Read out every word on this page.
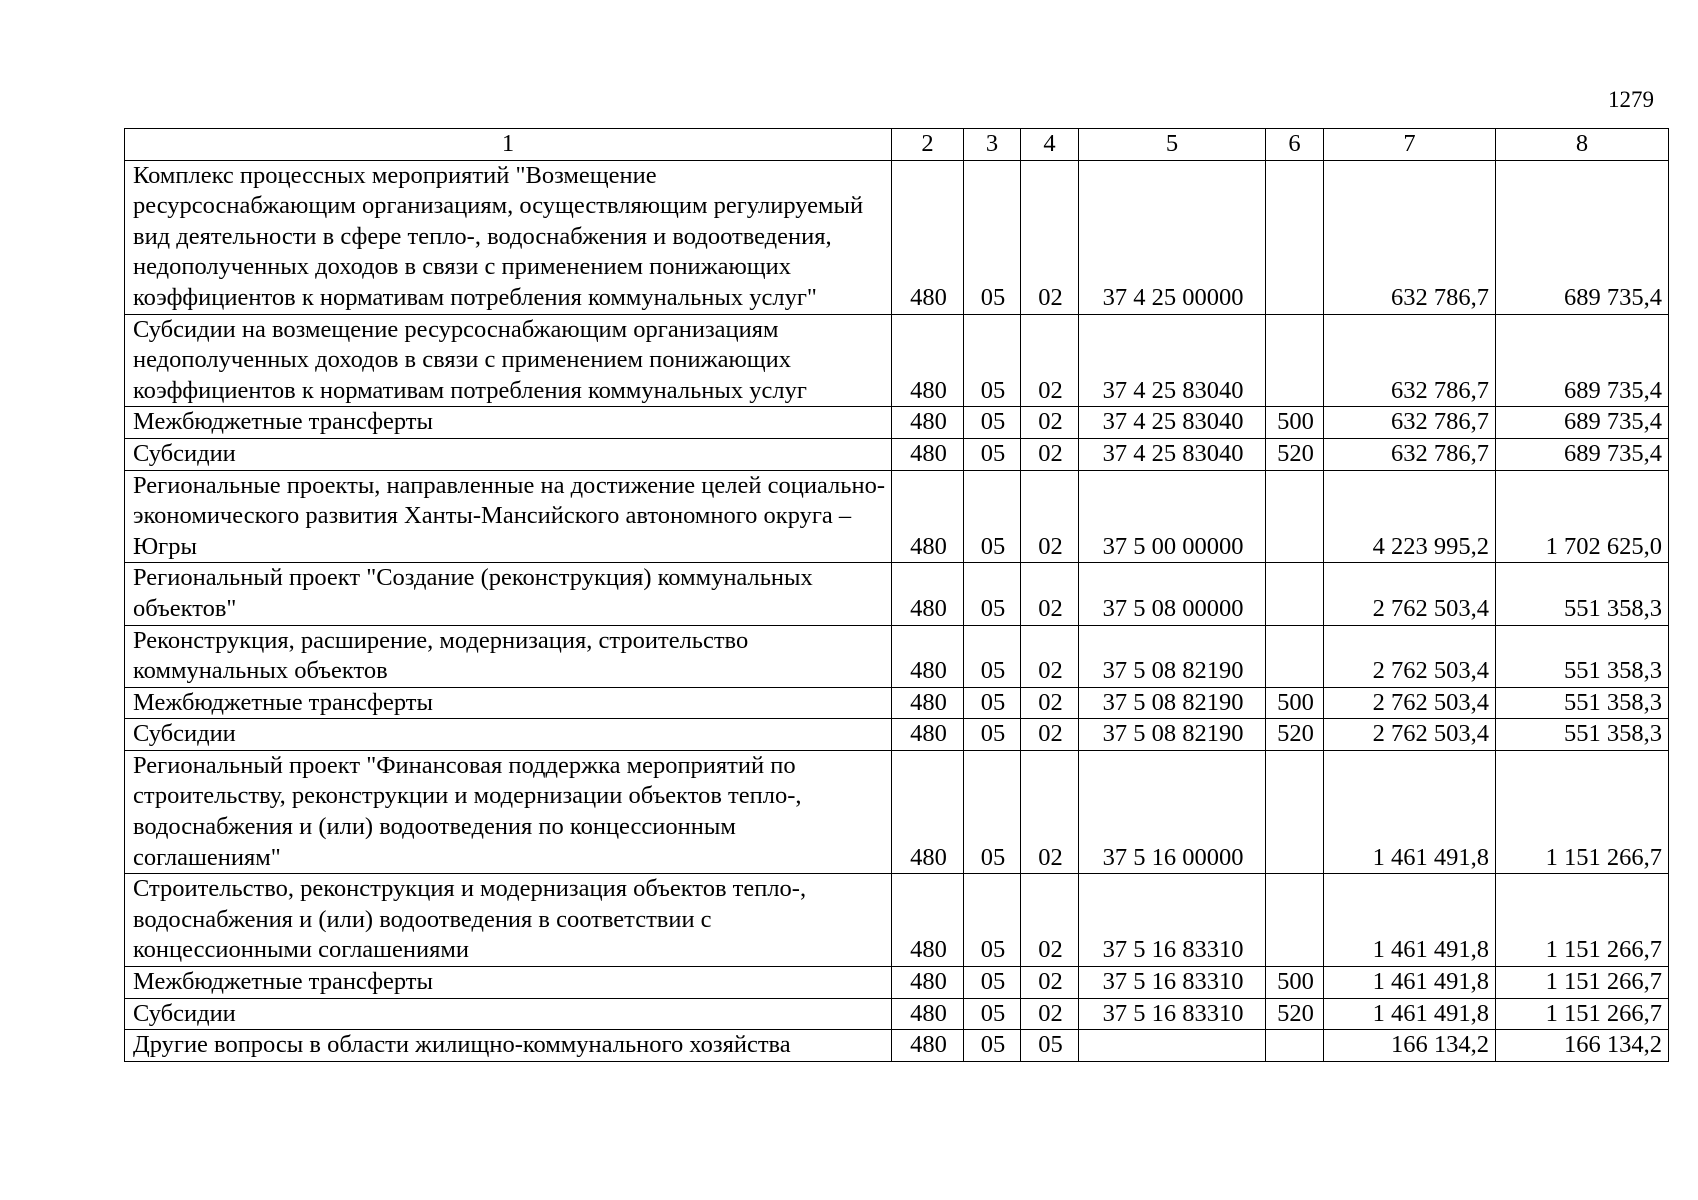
1279
1	2	3	4	5	6	7	8
Комплекс процессных мероприятий "Возмещение ресурсоснабжающим организациям, осуществляющим регулируемый вид деятельности в сфере тепло-, водоснабжения и водоотведения, недополученных доходов в связи с применением понижающих коэффициентов к нормативам потребления коммунальных услуг"	480	05	02	37 4 25 00000		632 786,7	689 735,4
Субсидии на возмещение ресурсоснабжающим организациям недополученных доходов в связи с применением понижающих коэффициентов к нормативам потребления коммунальных услуг	480	05	02	37 4 25 83040		632 786,7	689 735,4
Межбюджетные трансферты	480	05	02	37 4 25 83040	500	632 786,7	689 735,4
Субсидии	480	05	02	37 4 25 83040	520	632 786,7	689 735,4
Региональные проекты, направленные на достижение целей социально-экономического развития Ханты-Мансийского автономного округа – Югры	480	05	02	37 5 00 00000		4 223 995,2	1 702 625,0
Региональный проект "Создание (реконструкция) коммунальных объектов"	480	05	02	37 5 08 00000		2 762 503,4	551 358,3
Реконструкция, расширение, модернизация, строительство коммунальных объектов	480	05	02	37 5 08 82190		2 762 503,4	551 358,3
Межбюджетные трансферты	480	05	02	37 5 08 82190	500	2 762 503,4	551 358,3
Субсидии	480	05	02	37 5 08 82190	520	2 762 503,4	551 358,3
Региональный проект "Финансовая поддержка мероприятий по строительству, реконструкции и модернизации объектов тепло-, водоснабжения и (или) водоотведения по концессионным соглашениям"	480	05	02	37 5 16 00000		1 461 491,8	1 151 266,7
Строительство, реконструкция и модернизация объектов тепло-, водоснабжения и (или) водоотведения в соответствии с концессионными соглашениями	480	05	02	37 5 16 83310		1 461 491,8	1 151 266,7
Межбюджетные трансферты	480	05	02	37 5 16 83310	500	1 461 491,8	1 151 266,7
Субсидии	480	05	02	37 5 16 83310	520	1 461 491,8	1 151 266,7
Другие вопросы в области жилищно-коммунального хозяйства	480	05	05			166 134,2	166 134,2
